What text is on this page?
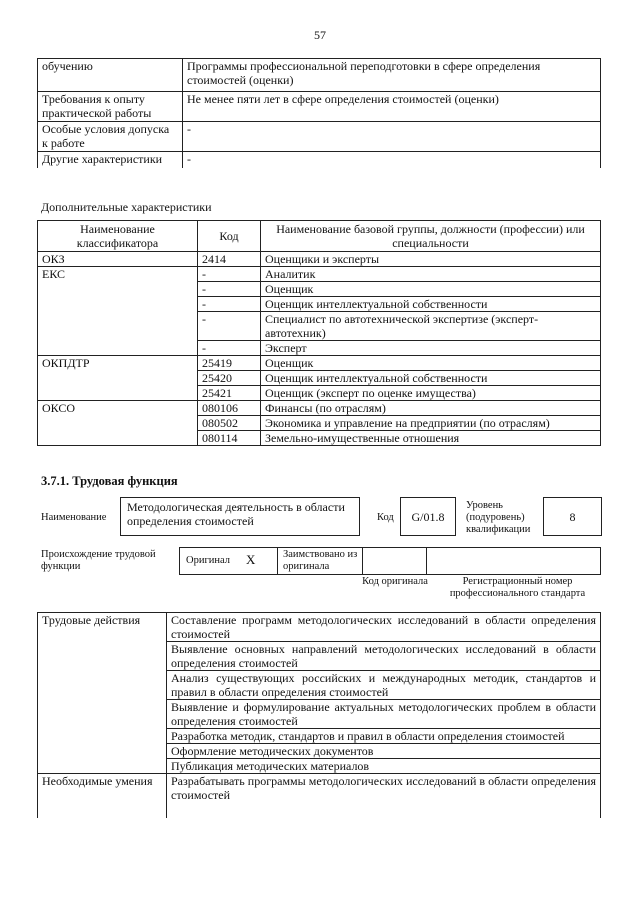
57
обучению	Программы профессиональной переподготовки в сфере определения стоимостей (оценки)
Требования к опыту практической работы	Не менее пяти лет в сфере определения стоимостей (оценки)
Особые условия допуска к работе	-
Другие характеристики	-
Дополнительные характеристики
Наименование классификатора	Код	Наименование базовой группы, должности (профессии) или специальности
ОКЗ	2414	Оценщики и эксперты
ЕКС	-	Аналитик
	-	Оценщик
	-	Оценщик интеллектуальной собственности
	-	Специалист по автотехнической экспертизе (эксперт-автотехник)
	-	Эксперт
ОКПДТР	25419	Оценщик
	25420	Оценщик интеллектуальной собственности
	25421	Оценщик (эксперт по оценке имущества)
ОКСО	080106	Финансы (по отраслям)
	080502	Экономика и управление на предприятии (по отраслям)
	080114	Земельно-имущественные отношения
3.7.1. Трудовая функция
Наименование
Методологическая деятельность в области определения стоимостей	Код	G/01.8
Уровень (подуровень) квалификации
8
Происхождение трудовой функции
Оригинал X	Заимствовано из оригинала
Код оригинала	Регистрационный номер профессионального стандарта
Трудовые действия	Составление программ методологических исследований в области определения стоимостей
	Выявление основных направлений методологических исследований в области определения стоимостей
	Анализ существующих российских и международных методик, стандартов и правил в области определения стоимостей
	Выявление и формулирование актуальных методологических проблем в области определения стоимостей
	Разработка методик, стандартов и правил в области определения стоимостей
	Оформление методических документов
	Публикация методических материалов
Необходимые умения	Разрабатывать программы методологических исследований в области определения стоимостей
